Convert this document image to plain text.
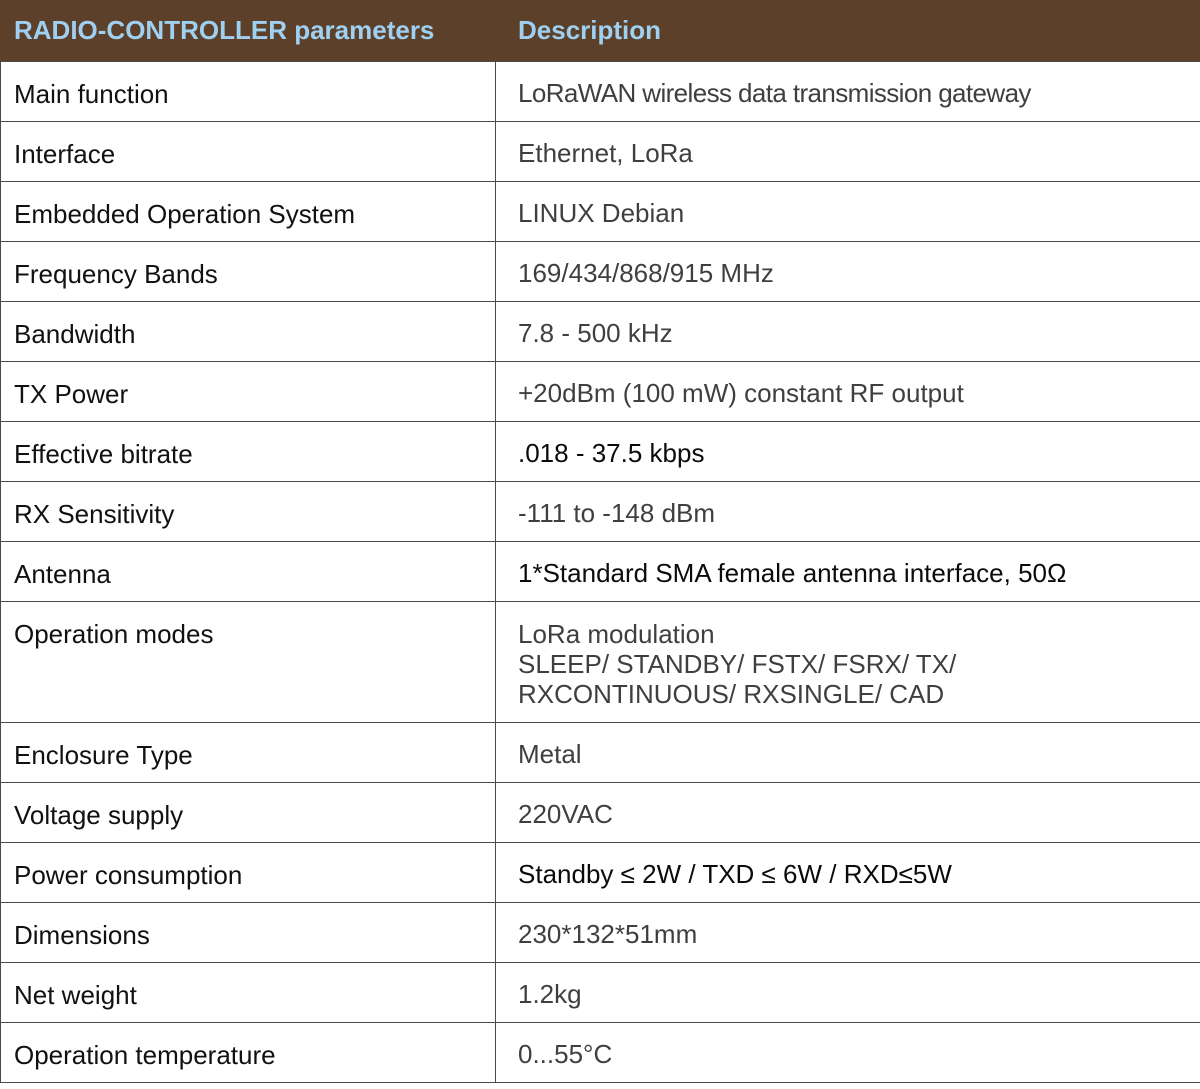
RADIO-CONTROLLER parameters	Description
Main function	LoRaWAN wireless data transmission gateway

Interface	Ethernet, LoRa

Embedded Operation System	LINUX Debian

Frequency Bands	169/434/868/915 MHz

Bandwidth	7.8 - 500 kHz

TX Power	+20dBm (100 mW) constant RF output

Effective bitrate	.018 - 37.5 kbps

RX Sensitivity	-111 to -148 dBm

Antenna	1*Standard SMA female antenna interface, 50Ω

Operation modes	LoRa modulation
SLEEP/ STANDBY/ FSTX/ FSRX/ TX/
RXCONTINUOUS/ RXSINGLE/ CAD

Enclosure Type	Metal

Voltage supply	220VAC

Power consumption	Standby ≤ 2W / TXD ≤ 6W / RXD≤5W

Dimensions	230*132*51mm

Net weight	1.2kg

Operation temperature	0...55°C
